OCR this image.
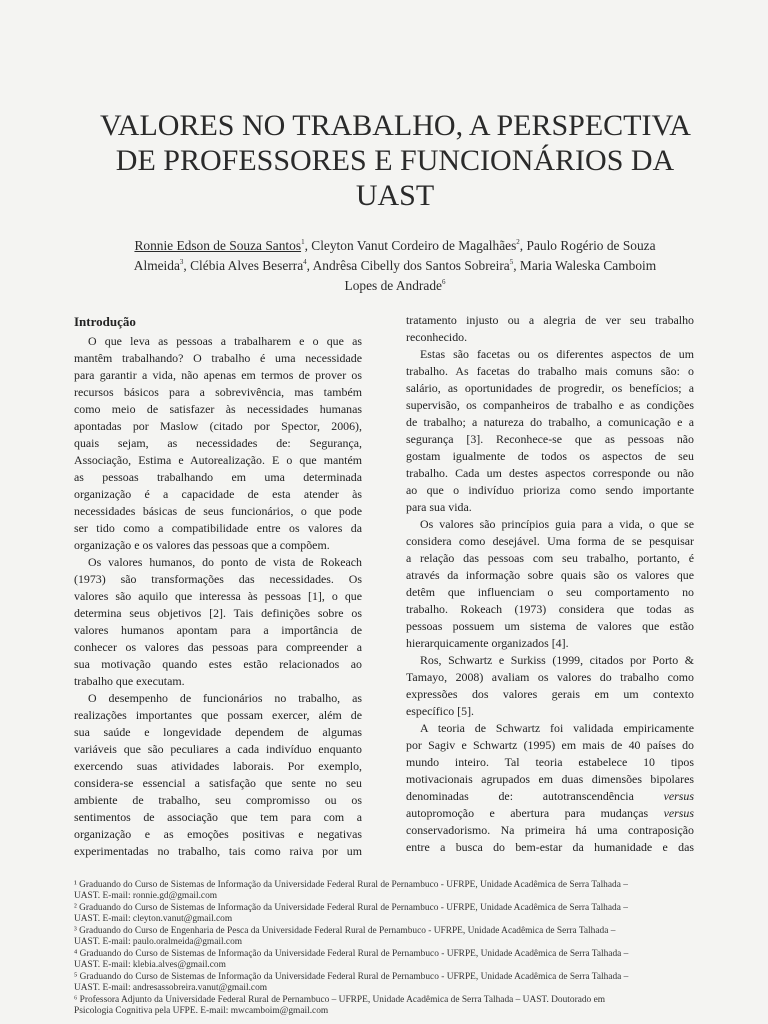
VALORES NO TRABALHO, A PERSPECTIVA
DE PROFESSORES E FUNCIONÁRIOS DA
UAST
Ronnie Edson de Souza Santos$^1$, Cleyton Vanut Cordeiro de Magalhães$^2$, Paulo Rogério de Souza
Almeida$^3$, Clébia Alves Beserra$^4$, Andrêsa Cibelly dos Santos Sobreira$^5$, Maria Waleska Camboim
Lopes de Andrade$^6$
Introdução
O que leva as pessoas a trabalharem e o que as
mantêm trabalhando? O trabalho é uma necessidade
para garantir a vida, não apenas em termos de prover os
recursos básicos para a sobrevivência, mas também
como meio de satisfazer às necessidades humanas
apontadas por Maslow (citado por Spector, 2006),
quais sejam, as necessidades de: Segurança,
Associação, Estima e Autorealização. E o que mantém
as pessoas trabalhando em uma determinada
organização é a capacidade de esta atender às
necessidades básicas de seus funcionários, o que pode
ser tido como a compatibilidade entre os valores da
organização e os valores das pessoas que a compõem.
Os valores humanos, do ponto de vista de Rokeach
(1973) são transformações das necessidades. Os
valores são aquilo que interessa às pessoas [1], o que
determina seus objetivos [2]. Tais definições sobre os
valores humanos apontam para a importância de
conhecer os valores das pessoas para compreender a
sua motivação quando estes estão relacionados ao
trabalho que executam.
O desempenho de funcionários no trabalho, as
realizações importantes que possam exercer, além de
sua saúde e longevidade dependem de algumas
variáveis que são peculiares a cada indivíduo enquanto
exercendo suas atividades laborais. Por exemplo,
considera-se essencial a satisfação que sente no seu
ambiente de trabalho, seu compromisso ou os
sentimentos de associação que tem para com a
organização e as emoções positivas e negativas
experimentadas no trabalho, tais como raiva por um
tratamento injusto ou a alegria de ver seu trabalho
reconhecido.
Estas são facetas ou os diferentes aspectos de um
trabalho. As facetas do trabalho mais comuns são: o
salário, as oportunidades de progredir, os benefícios; a
supervisão, os companheiros de trabalho e as condições
de trabalho; a natureza do trabalho, a comunicação e a
segurança [3]. Reconhece-se que as pessoas não
gostam igualmente de todos os aspectos de seu
trabalho. Cada um destes aspectos corresponde ou não
ao que o indivíduo prioriza como sendo importante
para sua vida.
Os valores são princípios guia para a vida, o que se
considera como desejável. Uma forma de se pesquisar
a relação das pessoas com seu trabalho, portanto, é
através da informação sobre quais são os valores que
detêm que influenciam o seu comportamento no
trabalho. Rokeach (1973) considera que todas as
pessoas possuem um sistema de valores que estão
hierarquicamente organizados [4].
Ros, Schwartz e Surkiss (1999, citados por Porto &
Tamayo, 2008) avaliam os valores do trabalho como
expressões dos valores gerais em um contexto
específico [5].
A teoria de Schwartz foi validada empiricamente
por Sagiv e Schwartz (1995) em mais de 40 países do
mundo inteiro. Tal teoria estabelece 10 tipos
motivacionais agrupados em duas dimensões bipolares
denominadas de: autotranscendência	versus
autopromoção e abertura para mudanças versus
conservadorismo. Na primeira há uma contraposição
entre a busca do bem-estar da humanidade e das
¹ Graduando do Curso de Sistemas de Informação da Universidade Federal Rural de Pernambuco - UFRPE, Unidade Acadêmica de Serra Talhada –
UAST. E-mail: ronnie.gd@gmail.com
² Graduando do Curso de Sistemas de Informação da Universidade Federal Rural de Pernambuco - UFRPE, Unidade Acadêmica de Serra Talhada –
UAST. E-mail: cleyton.vanut@gmail.com
³ Graduando do Curso de Engenharia de Pesca da Universidade Federal Rural de Pernambuco - UFRPE, Unidade Acadêmica de Serra Talhada –
UAST. E-mail: paulo.oralmeida@gmail.com
⁴ Graduando do Curso de Sistemas de Informação da Universidade Federal Rural de Pernambuco - UFRPE, Unidade Acadêmica de Serra Talhada –
UAST. E-mail: klebia.alves@gmail.com
⁵ Graduando do Curso de Sistemas de Informação da Universidade Federal Rural de Pernambuco - UFRPE, Unidade Acadêmica de Serra Talhada –
UAST. E-mail: andresassobreira.vanut@gmail.com
⁶ Professora Adjunto da Universidade Federal Rural de Pernambuco – UFRPE, Unidade Acadêmica de Serra Talhada – UAST. Doutorado em
Psicologia Cognitiva pela UFPE. E-mail: mwcamboim@gmail.com
